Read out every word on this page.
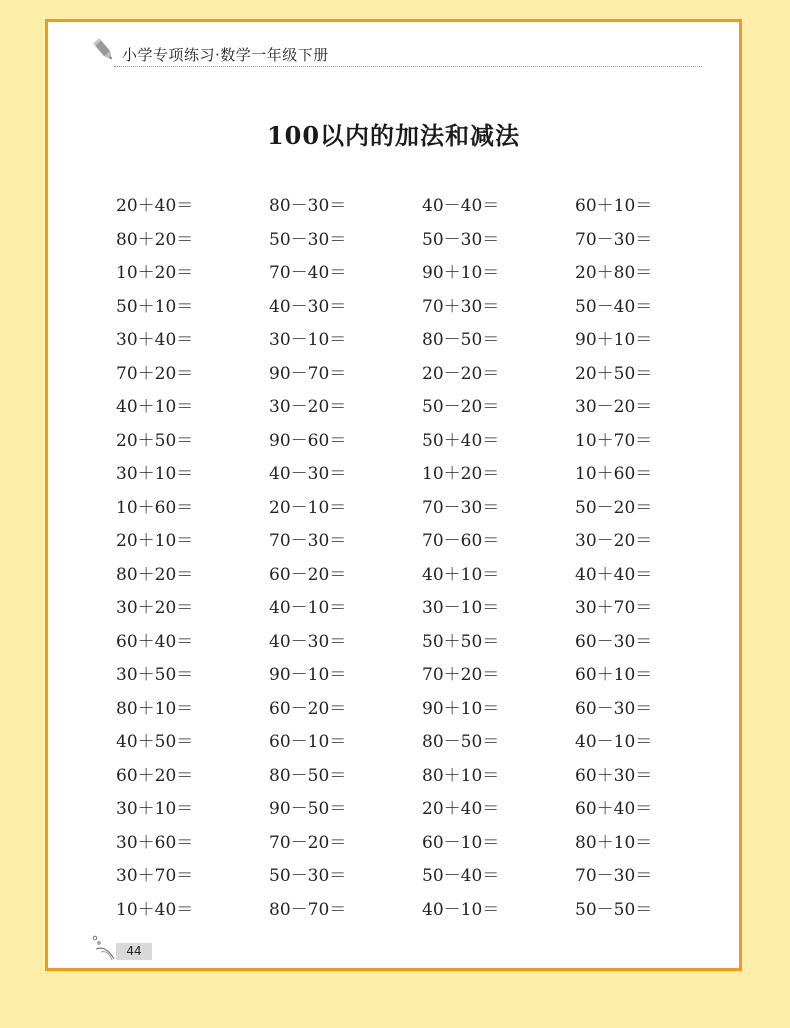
小学专项练习·数学一年级下册
100以内的加法和减法
20＋40＝	80－30＝	40－40＝	60＋10＝
80＋20＝	50－30＝	50－30＝	70－30＝
10＋20＝	70－40＝	90＋10＝	20＋80＝
50＋10＝	40－30＝	70＋30＝	50－40＝
30＋40＝	30－10＝	80－50＝	90＋10＝
70＋20＝	90－70＝	20－20＝	20＋50＝
40＋10＝	30－20＝	50－20＝	30－20＝
20＋50＝	90－60＝	50＋40＝	10＋70＝
30＋10＝	40－30＝	10＋20＝	10＋60＝
10＋60＝	20－10＝	70－30＝	50－20＝
20＋10＝	70－30＝	70－60＝	30－20＝
80＋20＝	60－20＝	40＋10＝	40＋40＝
30＋20＝	40－10＝	30－10＝	30＋70＝
60＋40＝	40－30＝	50＋50＝	60－30＝
30＋50＝	90－10＝	70＋20＝	60＋10＝
80＋10＝	60－20＝	90＋10＝	60－30＝
40＋50＝	60－10＝	80－50＝	40－10＝
60＋20＝	80－50＝	80＋10＝	60＋30＝
30＋10＝	90－50＝	20＋40＝	60＋40＝
30＋60＝	70－20＝	60－10＝	80＋10＝
30＋70＝	50－30＝	50－40＝	70－30＝
10＋40＝	80－70＝	40－10＝	50－50＝
44
